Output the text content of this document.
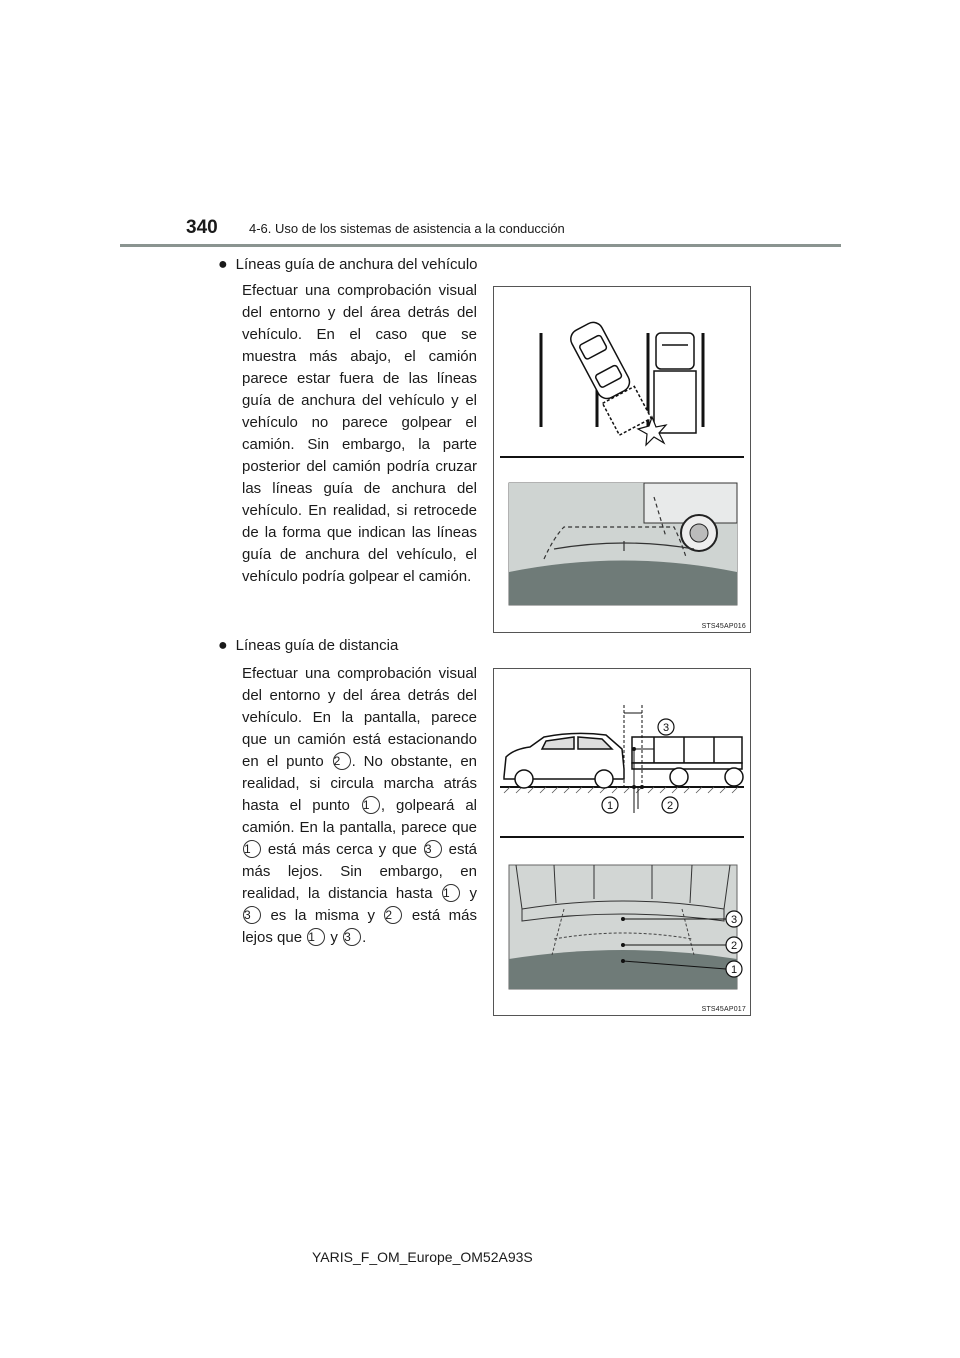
340 4-6. Uso de los sistemas de asistencia a la conducción
● Líneas guía de anchura del vehículo
Efectuar una comprobación visual del entorno y del área detrás del vehículo. En el caso que se muestra más abajo, el camión parece estar fuera de las líneas guía de anchura del vehículo y el vehículo no parece golpear el camión. Sin embargo, la parte posterior del camión podría cruzar las líneas guía de anchura del vehículo. En realidad, si retrocede de la forma que indican las líneas guía de anchura del vehículo, el vehículo podría golpear el camión.
STS45AP016
● Líneas guía de distancia
Efectuar una comprobación visual del entorno y del área detrás del vehículo. En la pantalla, parece que un camión está estacionando en el punto 2 . No obstante, en realidad, si circula marcha atrás hasta el punto 1 , golpeará al camión. En la pantalla, parece que 1 está más cerca y que 3 está más lejos. Sin embargo, en realidad, la distancia hasta 1 y 3 es la misma y 2 está más lejos que 1 y 3 .
3
1	2
3
2
1
STS45AP017
YARIS_F_OM_Europe_OM52A93S
